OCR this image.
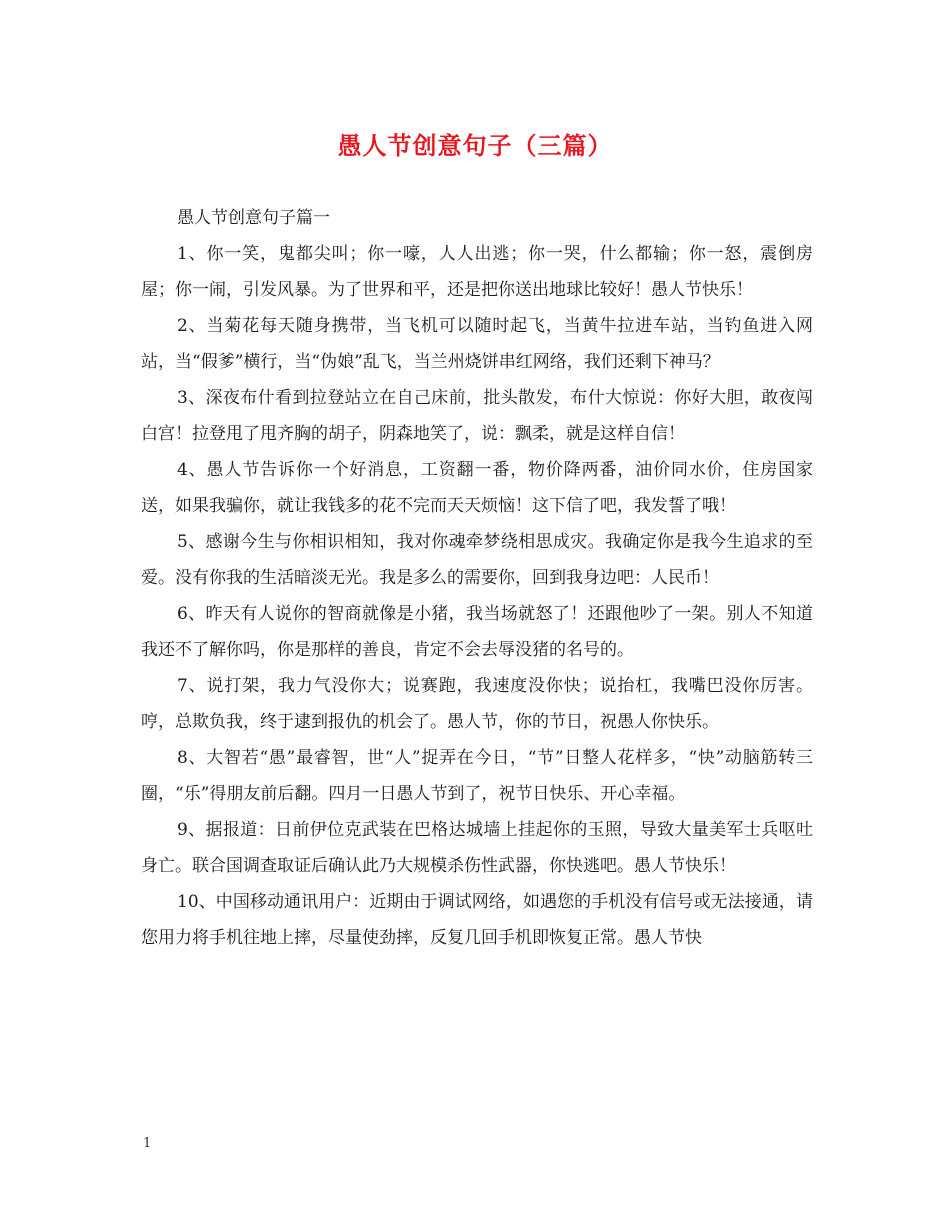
愚人节创意句子（三篇）

愚人节创意句子篇一

1、你一笑，鬼都尖叫；你一嚎，人人出逃；你一哭，什么都输；你一怒，震倒房屋；你一闹，引发风暴。为了世界和平，还是把你送出地球比较好！愚人节快乐！

2、当菊花每天随身携带，当飞机可以随时起飞，当黄牛拉进车站，当钓鱼进入网站，当“假爹”横行，当“伪娘”乱飞，当兰州烧饼串红网络，我们还剩下神马？

3、深夜布什看到拉登站立在自己床前，批头散发，布什大惊说：你好大胆，敢夜闯白宫！拉登甩了甩齐胸的胡子，阴森地笑了，说：飘柔，就是这样自信！

4、愚人节告诉你一个好消息，工资翻一番，物价降两番，油价同水价，住房国家送，如果我骗你，就让我钱多的花不完而天天烦恼！这下信了吧，我发誓了哦！

5、感谢今生与你相识相知，我对你魂牵梦绕相思成灾。我确定你是我今生追求的至爱。没有你我的生活暗淡无光。我是多么的需要你，回到我身边吧：人民币！

6、昨天有人说你的智商就像是小猪，我当场就怒了！还跟他吵了一架。别人不知道我还不了解你吗，你是那样的善良，肯定不会去辱没猪的名号的。

7、说打架，我力气没你大；说赛跑，我速度没你快；说抬杠，我嘴巴没你厉害。哼，总欺负我，终于逮到报仇的机会了。愚人节，你的节日，祝愚人你快乐。

8、大智若“愚”最睿智，世“人”捉弄在今日，“节”日整人花样多，“快”动脑筋转三圈，“乐”得朋友前后翻。四月一日愚人节到了，祝节日快乐、开心幸福。

9、据报道：日前伊位克武装在巴格达城墙上挂起你的玉照，导致大量美军士兵呕吐身亡。联合国调查取证后确认此乃大规模杀伤性武器，你快逃吧。愚人节快乐！

10、中国移动通讯用户：近期由于调试网络，如遇您的手机没有信号或无法接通，请您用力将手机往地上摔，尽量使劲摔，反复几回手机即恢复正常。愚人节快

1
